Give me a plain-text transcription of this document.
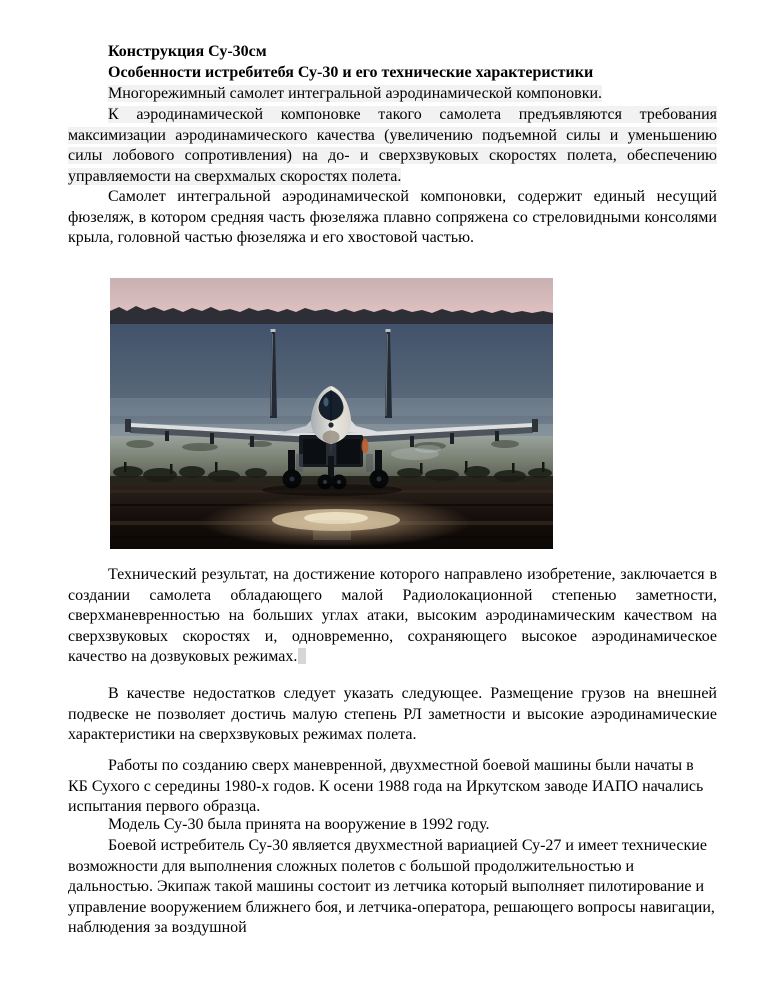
Конструкция Су-30см

Особенности истребитебя Су-30 и его технические характеристики

Многорежимный самолет интегральной аэродинамической компоновки.

К аэродинамической компоновке такого самолета предъявляются требования максимизации аэродинамического качества (увеличению подъемной силы и уменьшению силы лобового сопротивления) на до- и сверхзвуковых скоростях полета, обеспечению управляемости на сверхмалых скоростях полета.

Самолет интегральной аэродинамической компоновки, содержит единый несущий фюзеляж, в котором средняя часть фюзеляжа плавно сопряжена со стреловидными консолями крыла, головной частью фюзеляжа и его хвостовой частью.

Технический результат, на достижение которого направлено изобретение, заключается в создании самолета обладающего малой Радиолокационной степенью заметности, сверхманевренностью на больших углах атаки, высоким аэродинамическим качеством на сверхзвуковых скоростях и, одновременно, сохраняющего высокое аэродинамическое качество на дозвуковых режимах.

В качестве недостатков следует указать следующее. Размещение грузов на внешней подвеске не позволяет достичь малую степень РЛ заметности и высокие аэродинамические характеристики на сверхзвуковых режимах полета.

Работы по созданию сверх маневренной, двухместной боевой машины были начаты в КБ Сухого с середины 1980-х годов. К осени 1988 года на Иркутском заводе ИАПО начались испытания первого образца.

Модель Су-30 была принята на вооружение в 1992 году.

Боевой истребитель Су-30 является двухместной вариацией Су-27 и имеет технические возможности для выполнения сложных полетов с большой продолжительностью и дальностью. Экипаж такой машины состоит из летчика который выполняет пилотирование и управление вооружением ближнего боя, и летчика-оператора, решающего вопросы навигации, наблюдения за воздушной
